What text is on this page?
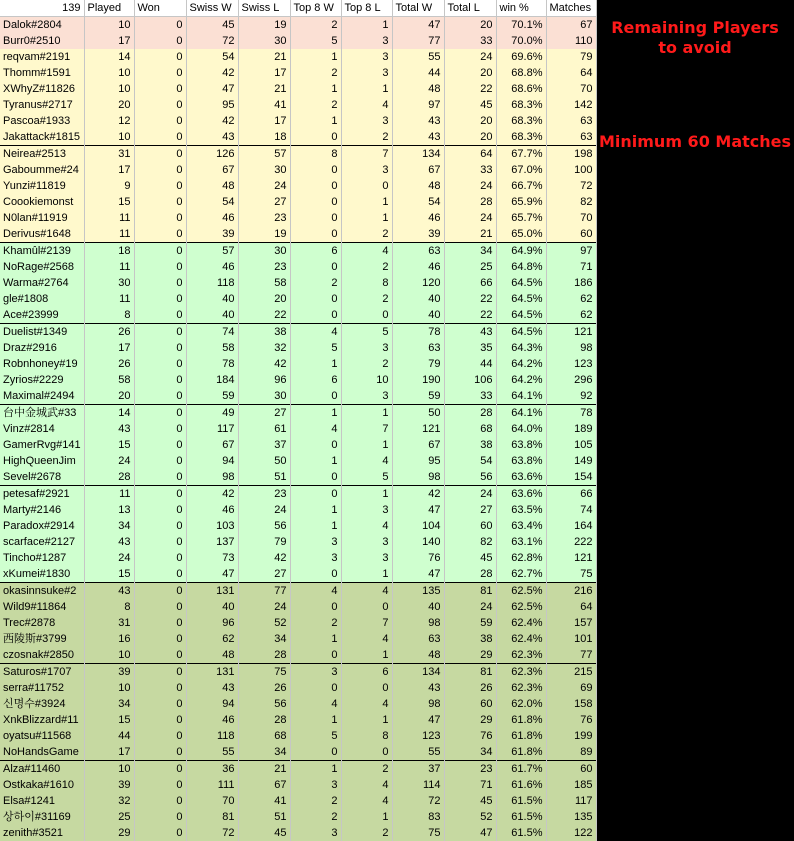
139	Played	Won	Swiss W	Swiss L	Top 8 W	Top 8 L	Total W	Total L	win %	Matches
Dalok#2804	10	0	45	19	2	1	47	20	70.1%	67
Burr0#2510	17	0	72	30	5	3	77	33	70.0%	110
reqvam#2191	14	0	54	21	1	3	55	24	69.6%	79
Thomm#1591	10	0	42	17	2	3	44	20	68.8%	64
XWhyZ#11826	10	0	47	21	1	1	48	22	68.6%	70
Tyranus#2717	20	0	95	41	2	4	97	45	68.3%	142
Pascoa#1933	12	0	42	17	1	3	43	20	68.3%	63
Jakattack#1815	10	0	43	18	0	2	43	20	68.3%	63
Neirea#2513	31	0	126	57	8	7	134	64	67.7%	198
Gaboumme#24	17	0	67	30	0	3	67	33	67.0%	100
Yunzi#11819	9	0	48	24	0	0	48	24	66.7%	72
Coookiemonst	15	0	54	27	0	1	54	28	65.9%	82
N0lan#11919	11	0	46	23	0	1	46	24	65.7%	70
Derivus#1648	11	0	39	19	0	2	39	21	65.0%	60
Khamûl#2139	18	0	57	30	6	4	63	34	64.9%	97
NoRage#2568	11	0	46	23	0	2	46	25	64.8%	71
Warma#2764	30	0	118	58	2	8	120	66	64.5%	186
gle#1808	11	0	40	20	0	2	40	22	64.5%	62
Ace#23999	8	0	40	22	0	0	40	22	64.5%	62
Duelist#1349	26	0	74	38	4	5	78	43	64.5%	121
Draz#2916	17	0	58	32	5	3	63	35	64.3%	98
Robnhoney#19	26	0	78	42	1	2	79	44	64.2%	123
Zyrios#2229	58	0	184	96	6	10	190	106	64.2%	296
Maximal#2494	20	0	59	30	0	3	59	33	64.1%	92
台中金城武#33	14	0	49	27	1	1	50	28	64.1%	78
Vinz#2814	43	0	117	61	4	7	121	68	64.0%	189
GamerRvg#141	15	0	67	37	0	1	67	38	63.8%	105
HighQueenJim	24	0	94	50	1	4	95	54	63.8%	149
Sevel#2678	28	0	98	51	0	5	98	56	63.6%	154
petesaf#2921	11	0	42	23	0	1	42	24	63.6%	66
Marty#2146	13	0	46	24	1	3	47	27	63.5%	74
Paradox#2914	34	0	103	56	1	4	104	60	63.4%	164
scarface#2127	43	0	137	79	3	3	140	82	63.1%	222
Tincho#1287	24	0	73	42	3	3	76	45	62.8%	121
xKumei#1830	15	0	47	27	0	1	47	28	62.7%	75
okasinnsuke#2	43	0	131	77	4	4	135	81	62.5%	216
Wild9#11864	8	0	40	24	0	0	40	24	62.5%	64
Trec#2878	31	0	96	52	2	7	98	59	62.4%	157
西陵斯#3799	16	0	62	34	1	4	63	38	62.4%	101
czosnak#2850	10	0	48	28	0	1	48	29	62.3%	77
Saturos#1707	39	0	131	75	3	6	134	81	62.3%	215
serra#11752	10	0	43	26	0	0	43	26	62.3%	69
신명수#3924	34	0	94	56	4	4	98	60	62.0%	158
XnkBlizzard#11	15	0	46	28	1	1	47	29	61.8%	76
oyatsu#11568	44	0	118	68	5	8	123	76	61.8%	199
NoHandsGame	17	0	55	34	0	0	55	34	61.8%	89
Alza#11460	10	0	36	21	1	2	37	23	61.7%	60
Ostkaka#1610	39	0	111	67	3	4	114	71	61.6%	185
Elsa#1241	32	0	70	41	2	4	72	45	61.5%	117
상하이#31169	25	0	81	51	2	1	83	52	61.5%	135
zenith#3521	29	0	72	45	3	2	75	47	61.5%	122
Remaining Players to avoid
Minimum 60 Matches
